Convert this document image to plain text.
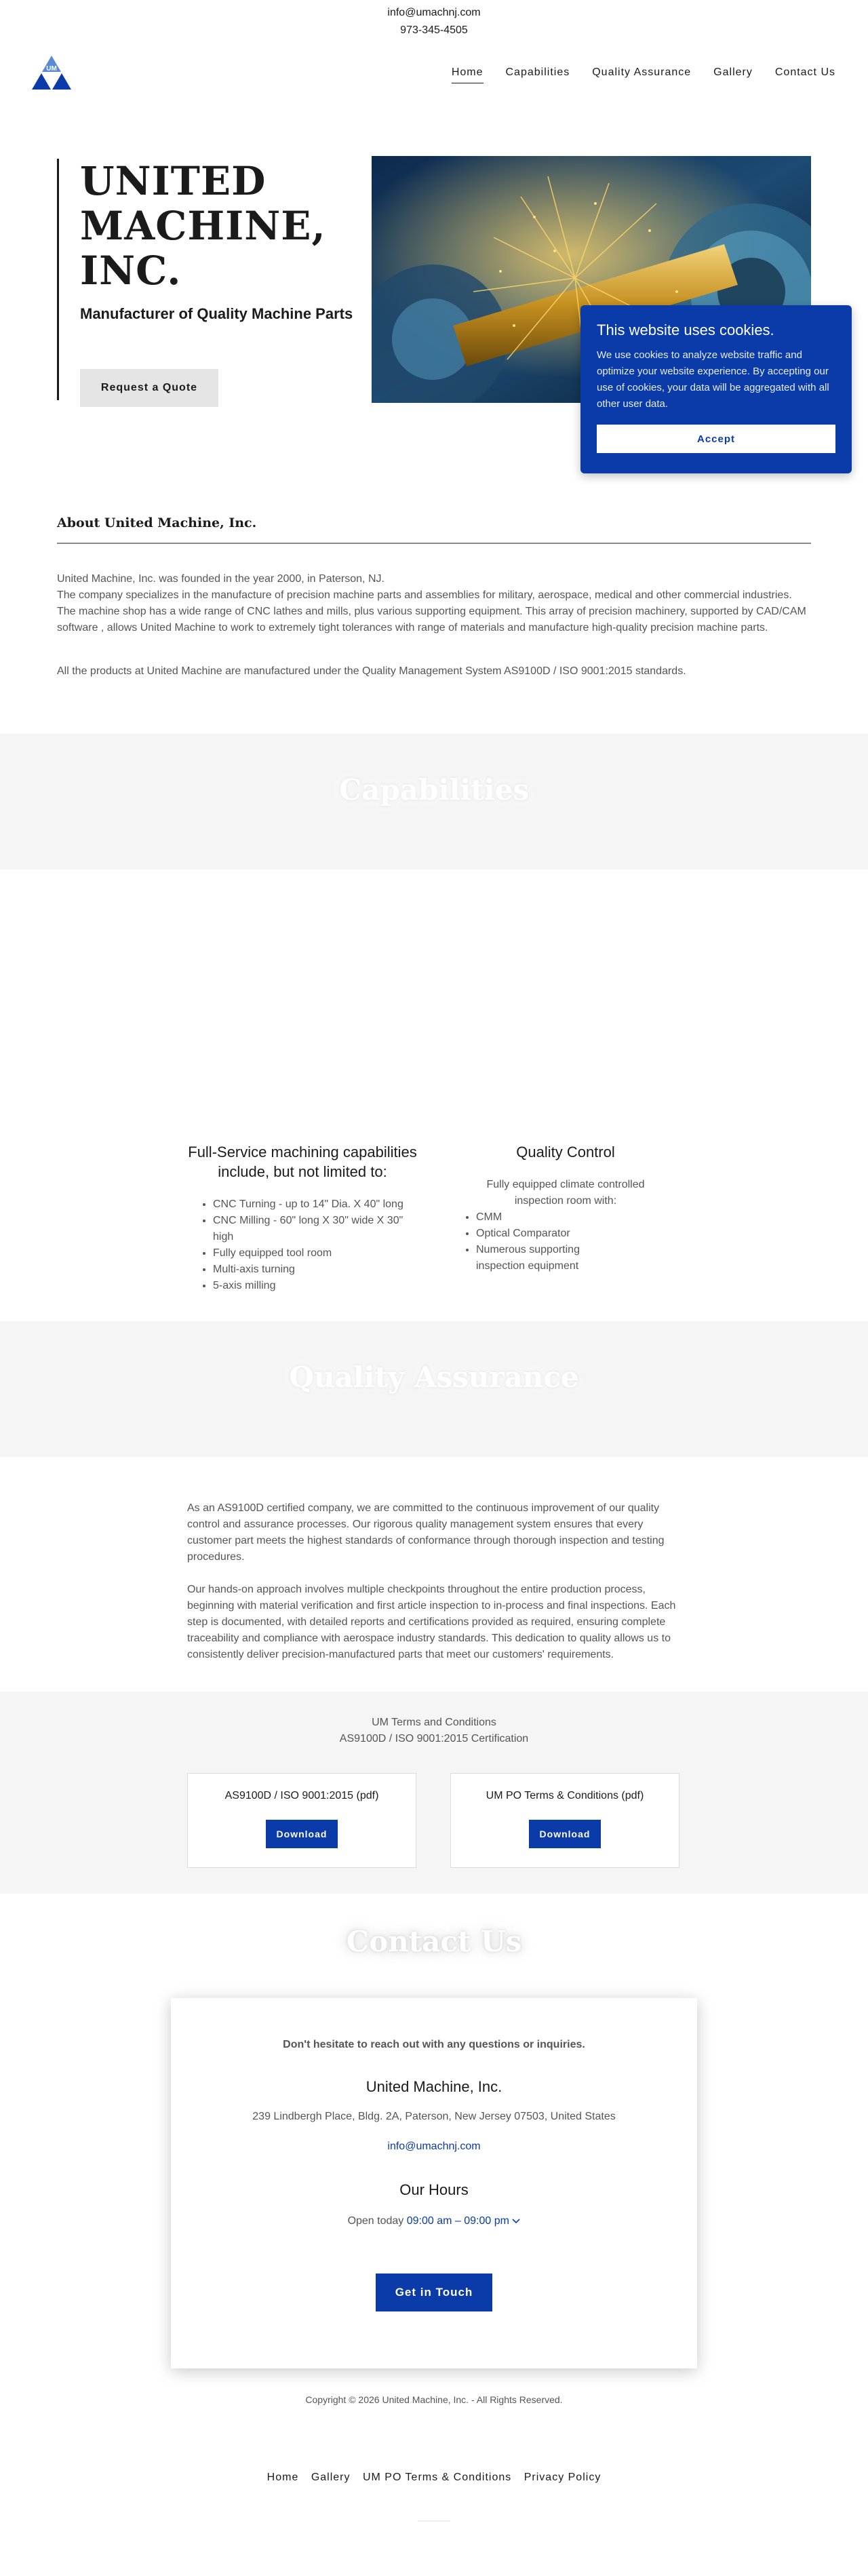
info@umachnj.com
973-345-4505
UM	Home Capabilities Quality Assurance Gallery Contact Us
UNITED
MACHINE,
INC.
Manufacturer of Quality Machine Parts
Request a Quote
This website uses cookies.

We use cookies to analyze website traffic and optimize your website experience. By accepting our use of cookies, your data will be aggregated with all other user data.

Accept
About United Machine, Inc.

United Machine, Inc. was founded in the year 2000, in Paterson, NJ.

The company specializes in the manufacture of precision machine parts and assemblies for military, aerospace, medical and other commercial industries.

The machine shop has a wide range of CNC lathes and mills, plus various supporting equipment. This array of precision machinery, supported by CAD/CAM software , allows United Machine to work to extremely tight tolerances with range of materials and manufacture high-quality precision machine parts.

All the products at United Machine are manufactured under the Quality Management System AS9100D / ISO 9001:2015 standards.

Capabilities
Full-Service machining capabilities include, but not limited to:
• CNC Turning - up to 14" Dia. X 40" long
• CNC Milling - 60" long X 30" wide X 30" high
• Fully equipped tool room
• Multi-axis turning
• 5-axis milling
Quality Control

Fully equipped climate controlled inspection room with:

• CMM
• Optical Comparator
• Numerous supporting inspection equipment
Quality Assurance

As an AS9100D certified company, we are committed to the continuous improvement of our quality control and assurance processes. Our rigorous quality management system ensures that every customer part meets the highest standards of conformance through thorough inspection and testing procedures.

Our hands-on approach involves multiple checkpoints throughout the entire production process, beginning with material verification and first article inspection to in-process and final inspections. Each step is documented, with detailed reports and certifications provided as required, ensuring complete traceability and compliance with aerospace industry standards. This dedication to quality allows us to consistently deliver precision-manufactured parts that meet our customers' requirements.

UM Terms and Conditions
AS9100D / ISO 9001:2015 Certification
AS9100D / ISO 9001:2015 (pdf)
Download
UM PO Terms & Conditions (pdf)
Download
Contact Us
Don't hesitate to reach out with any questions or inquiries.
United Machine, Inc.
239 Lindbergh Place, Bldg. 2A, Paterson, New Jersey 07503, United States
info@umachnj.com
Our Hours
Open today 09:00 am – 09:00 pm
Get in Touch
Copyright © 2026 United Machine, Inc. - All Rights Reserved.
Home Gallery UM PO Terms & Conditions Privacy Policy
